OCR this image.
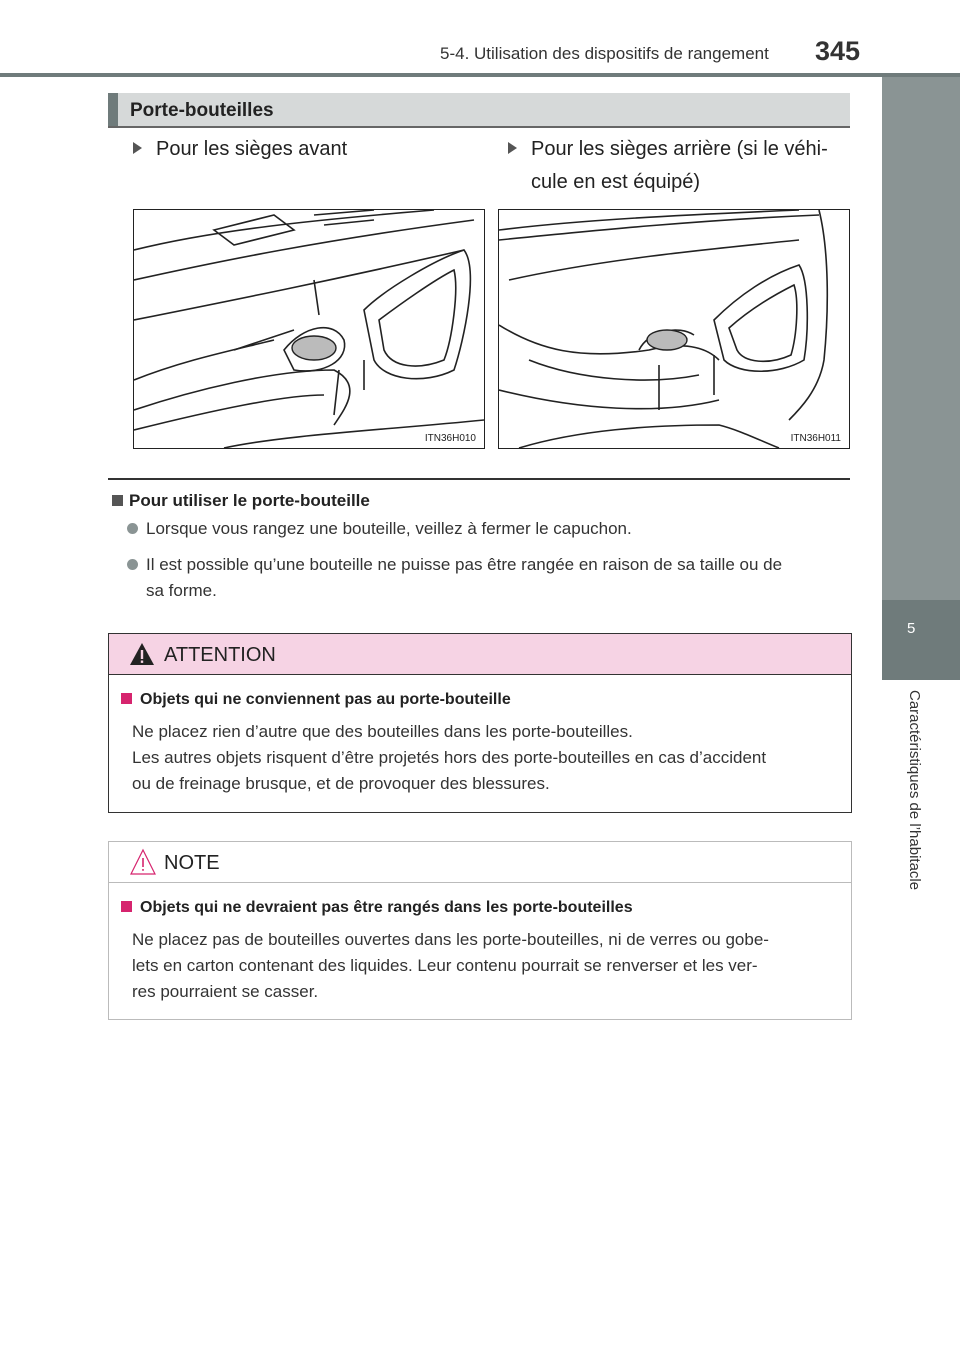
5-4. Utilisation des dispositifs de rangement 345
5
Caractéristiques de l’habitacle
Porte-bouteilles
Pour les sièges avant	Pour les sièges arrière (si le véhi-
cule en est équipé)
ITN36H010	ITN36H011
Pour utiliser le porte-bouteille
Lorsque vous rangez une bouteille, veillez à fermer le capuchon.
Il est possible qu’une bouteille ne puisse pas être rangée en raison de sa taille ou de
sa forme.
ATTENTION
Objets qui ne conviennent pas au porte-bouteille
Ne placez rien d’autre que des bouteilles dans les porte-bouteilles.
Les autres objets risquent d’être projetés hors des porte-bouteilles en cas d’accident
ou de freinage brusque, et de provoquer des blessures.
NOTE
Objets qui ne devraient pas être rangés dans les porte-bouteilles
Ne placez pas de bouteilles ouvertes dans les porte-bouteilles, ni de verres ou gobe-
lets en carton contenant des liquides. Leur contenu pourrait se renverser et les ver-
res pourraient se casser.
